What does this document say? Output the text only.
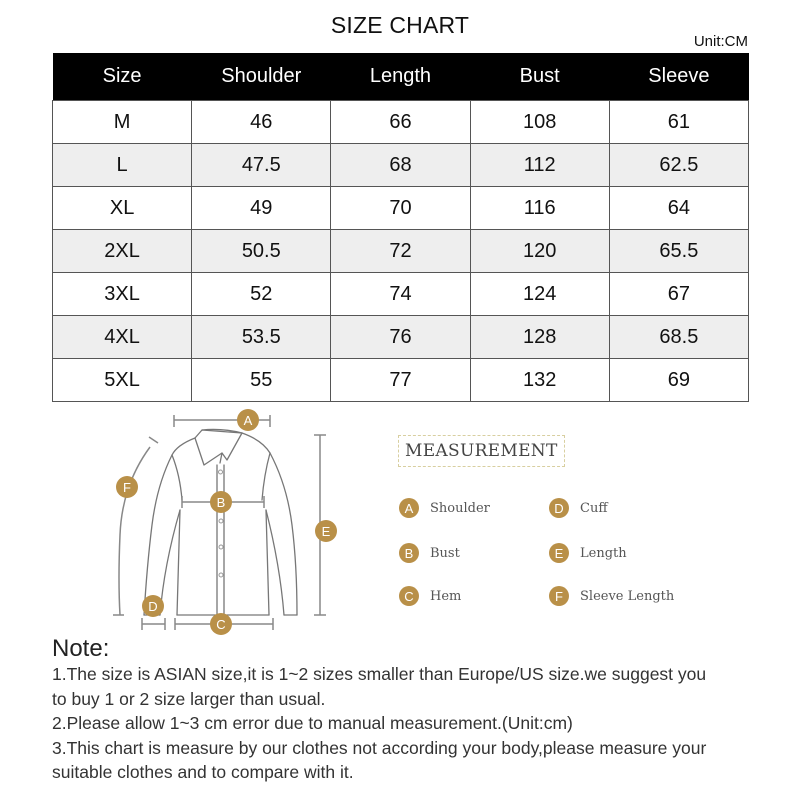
SIZE CHART
Unit:CM
Size	Shoulder	Length	Bust	Sleeve
M	46	66	108	61
L	47.5	68	112	62.5
XL	49	70	116	64
2XL	50.5	72	120	65.5
3XL	52	74	124	67
4XL	53.5	76	128	68.5
5XL	55	77	132	69
A
B
C
D
E
F
MEASUREMENT
A	Shoulder
B	Bust
C	Hem
D	Cuff
E	Length
F	Sleeve Length
Note:
1.The size is ASIAN size,it is 1~2 sizes smaller than Europe/US size.we suggest you
to buy 1 or 2 size larger than usual.
2.Please allow 1~3 cm error due to manual measurement.(Unit:cm)
3.This chart is measure by our clothes not according your body,please measure your
suitable clothes and to compare with it.
